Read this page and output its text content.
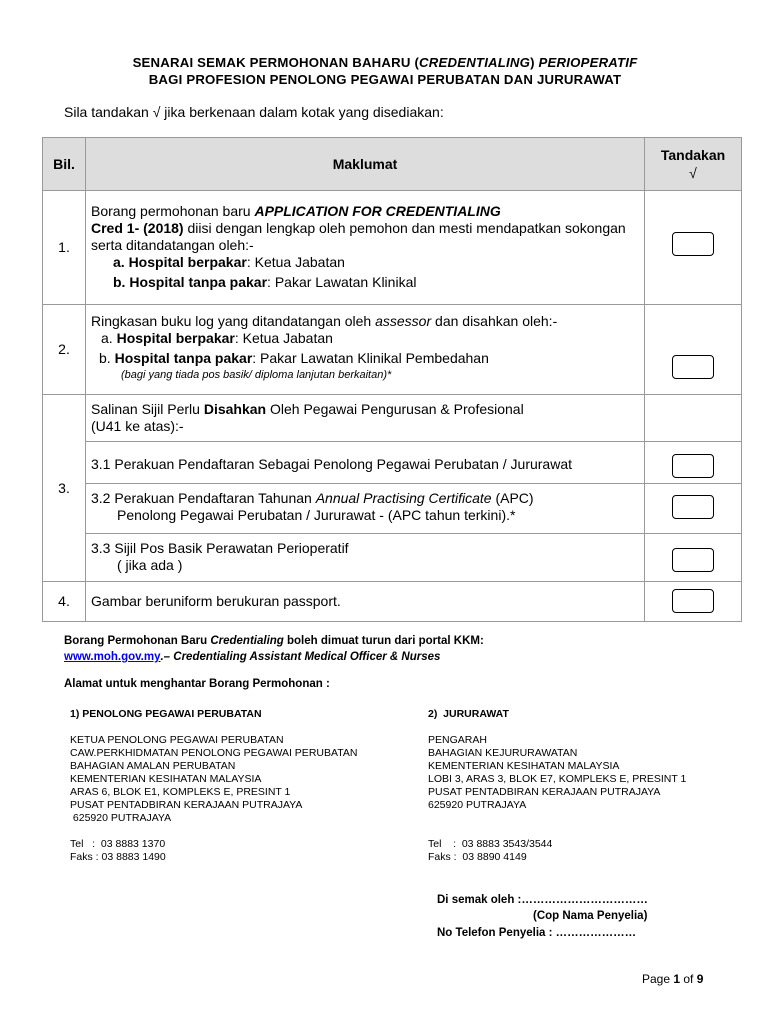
SENARAI SEMAK PERMOHONAN BAHARU (CREDENTIALING) PERIOPERATIF
BAGI PROFESION PENOLONG PEGAWAI PERUBATAN DAN JURURAWAT
Sila tandakan √ jika berkenaan dalam kotak yang disediakan:
Bil.	Maklumat	Tandakan
√

1.	Borang permohonan baru APPLICATION FOR CREDENTIALING
Cred 1- (2018) diisi dengan lengkap oleh pemohon dan mesti mendapatkan sokongan serta ditandatangan oleh:-
a. Hospital berpakar: Ketua Jabatan
b. Hospital tanpa pakar: Pakar Lawatan Klinikal	

2.	Ringkasan buku log yang ditandatangan oleh assessor dan disahkan oleh:-
a. Hospital berpakar: Ketua Jabatan
b. Hospital tanpa pakar: Pakar Lawatan Klinikal Pembedahan
(bagi yang tiada pos basik/ diploma lanjutan berkaitan)*	

3.	Salinan Sijil Perlu Disahkan Oleh Pegawai Pengurusan & Profesional
(U41 ke atas):-	
	3.1 Perakuan Pendaftaran Sebagai Penolong Pegawai Perubatan / Jururawat	
	3.2 Perakuan Pendaftaran Tahunan Annual Practising Certificate (APC)
Penolong Pegawai Perubatan / Jururawat - (APC tahun terkini).*	

	3.3 Sijil Pos Basik Perawatan Perioperatif
( jika ada )	

4.	Gambar beruniform berukuran passport.	
Borang Permohonan Baru Credentialing boleh dimuat turun dari portal KKM:
www.moh.gov.my.– Credentialing Assistant Medical Officer & Nurses
Alamat untuk menghantar Borang Permohonan :
1) PENOLONG PEGAWAI PERUBATAN
KETUA PENOLONG PEGAWAI PERUBATAN
CAW.PERKHIDMATAN PENOLONG PEGAWAI PERUBATAN
BAHAGIAN AMALAN PERUBATAN
KEMENTERIAN KESIHATAN MALAYSIA
ARAS 6, BLOK E1, KOMPLEKS E, PRESINT 1
PUSAT PENTADBIRAN KERAJAAN PUTRAJAYA
625920 PUTRAJAYA
Tel   :  03 8883 1370
Faks : 03 8883 1490
2)  JURURAWAT
PENGARAH
BAHAGIAN KEJURURAWATAN
KEMENTERIAN KESIHATAN MALAYSIA
LOBI 3, ARAS 3, BLOK E7, KOMPLEKS E, PRESINT 1
PUSAT PENTADBIRAN KERAJAAN PUTRAJAYA
625920 PUTRAJAYA
Tel    :  03 8883 3543/3544
Faks :  03 8890 4149
Di semak oleh :……………………………
(Cop Nama Penyelia)
No Telefon Penyelia : …………………
Page 1 of 9
